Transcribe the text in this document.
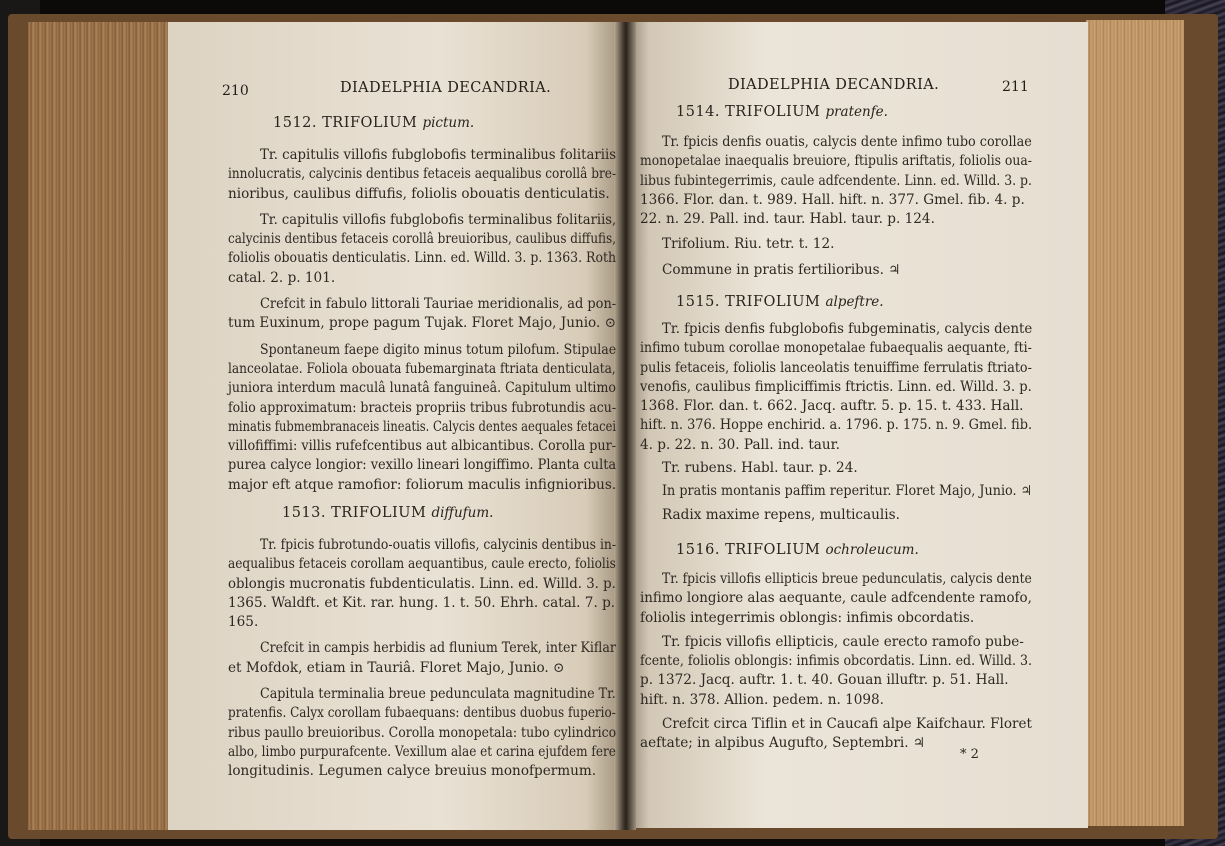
210	DIADELPHIA DECANDRIA.
1512. TRIFOLIUM pictum.
Tr. capitulis villofis fubglobofis terminalibus folitariis
innolucratis, calycinis dentibus fetaceis aequalibus corollâ bre-
nioribus, caulibus diffufis, foliolis obouatis denticulatis.
Tr. capitulis villofis fubglobofis terminalibus folitariis,
calycinis dentibus fetaceis corollâ breuioribus, caulibus diffufis,
foliolis obouatis denticulatis. Linn. ed. Willd. 3. p. 1363. Roth
catal. 2. p. 101.
Crefcit in fabulo littorali Tauriae meridionalis, ad pon-
tum Euxinum, prope pagum Tujak. Floret Majo, Junio. ⊙
Spontaneum faepe digito minus totum pilofum. Stipulae
lanceolatae. Foliola obouata fubemarginata ftriata denticulata,
juniora interdum maculâ lunatâ fanguineâ. Capitulum ultimo
folio approximatum: bracteis propriis tribus fubrotundis acu-
minatis fubmembranaceis lineatis. Calycis dentes aequales fetacei
villofiffimi: villis rufefcentibus aut albicantibus. Corolla pur-
purea calyce longior: vexillo lineari longiffimo. Planta culta
major eft atque ramofior: foliorum maculis infignioribus.
1513. TRIFOLIUM diffufum.
Tr. fpicis fubrotundo-ouatis villofis, calycinis dentibus in-
aequalibus fetaceis corollam aequantibus, caule erecto, foliolis
oblongis mucronatis fubdenticulatis. Linn. ed. Willd. 3. p.
1365. Waldft. et Kit. rar. hung. 1. t. 50. Ehrh. catal. 7. p.
165.
Crefcit in campis herbidis ad flunium Terek, inter Kiflar
et Mofdok, etiam in Tauriâ. Floret Majo, Junio. ⊙
Capitula terminalia breue pedunculata magnitudine Tr.
pratenfis. Calyx corollam fubaequans: dentibus duobus fuperio-
ribus paullo breuioribus. Corolla monopetala: tubo cylindrico
albo, limbo purpurafcente. Vexillum alae et carina ejufdem fere
longitudinis. Legumen calyce breuius monofpermum.
DIADELPHIA DECANDRIA.	211
1514. TRIFOLIUM pratenfe.
Tr. fpicis denfis ouatis, calycis dente infimo tubo corollae
monopetalae inaequalis breuiore, ftipulis ariftatis, foliolis oua-
libus fubintegerrimis, caule adfcendente. Linn. ed. Willd. 3. p.
1366. Flor. dan. t. 989. Hall. hift. n. 377. Gmel. fib. 4. p.
22. n. 29. Pall. ind. taur. Habl. taur. p. 124.
Trifolium. Riu. tetr. t. 12.
Commune in pratis fertilioribus. ♃
1515. TRIFOLIUM alpeftre.
Tr. fpicis denfis fubglobofis fubgeminatis, calycis dente
infimo tubum corollae monopetalae fubaequalis aequante, fti-
pulis fetaceis, foliolis lanceolatis tenuiffime ferrulatis ftriato-
venofis, caulibus fimpliciffimis ftrictis. Linn. ed. Willd. 3. p.
1368. Flor. dan. t. 662. Jacq. auftr. 5. p. 15. t. 433. Hall.
hift. n. 376. Hoppe enchirid. a. 1796. p. 175. n. 9. Gmel. fib.
4. p. 22. n. 30. Pall. ind. taur.
Tr. rubens. Habl. taur. p. 24.
In pratis montanis paffim reperitur. Floret Majo, Junio. ♃
Radix maxime repens, multicaulis.
1516. TRIFOLIUM ochroleucum.
Tr. fpicis villofis ellipticis breue pedunculatis, calycis dente
infimo longiore alas aequante, caule adfcendente ramofo,
foliolis integerrimis oblongis: infimis obcordatis.
Tr. fpicis villofis ellipticis, caule erecto ramofo pube-
fcente, foliolis oblongis: infimis obcordatis. Linn. ed. Willd. 3.
p. 1372. Jacq. auftr. 1. t. 40. Gouan illuftr. p. 51. Hall.
hift. n. 378. Allion. pedem. n. 1098.
Crefcit circa Tiflin et in Caucafi alpe Kaifchaur. Floret
aeftate; in alpibus Augufto, Septembri. ♃
* 2
